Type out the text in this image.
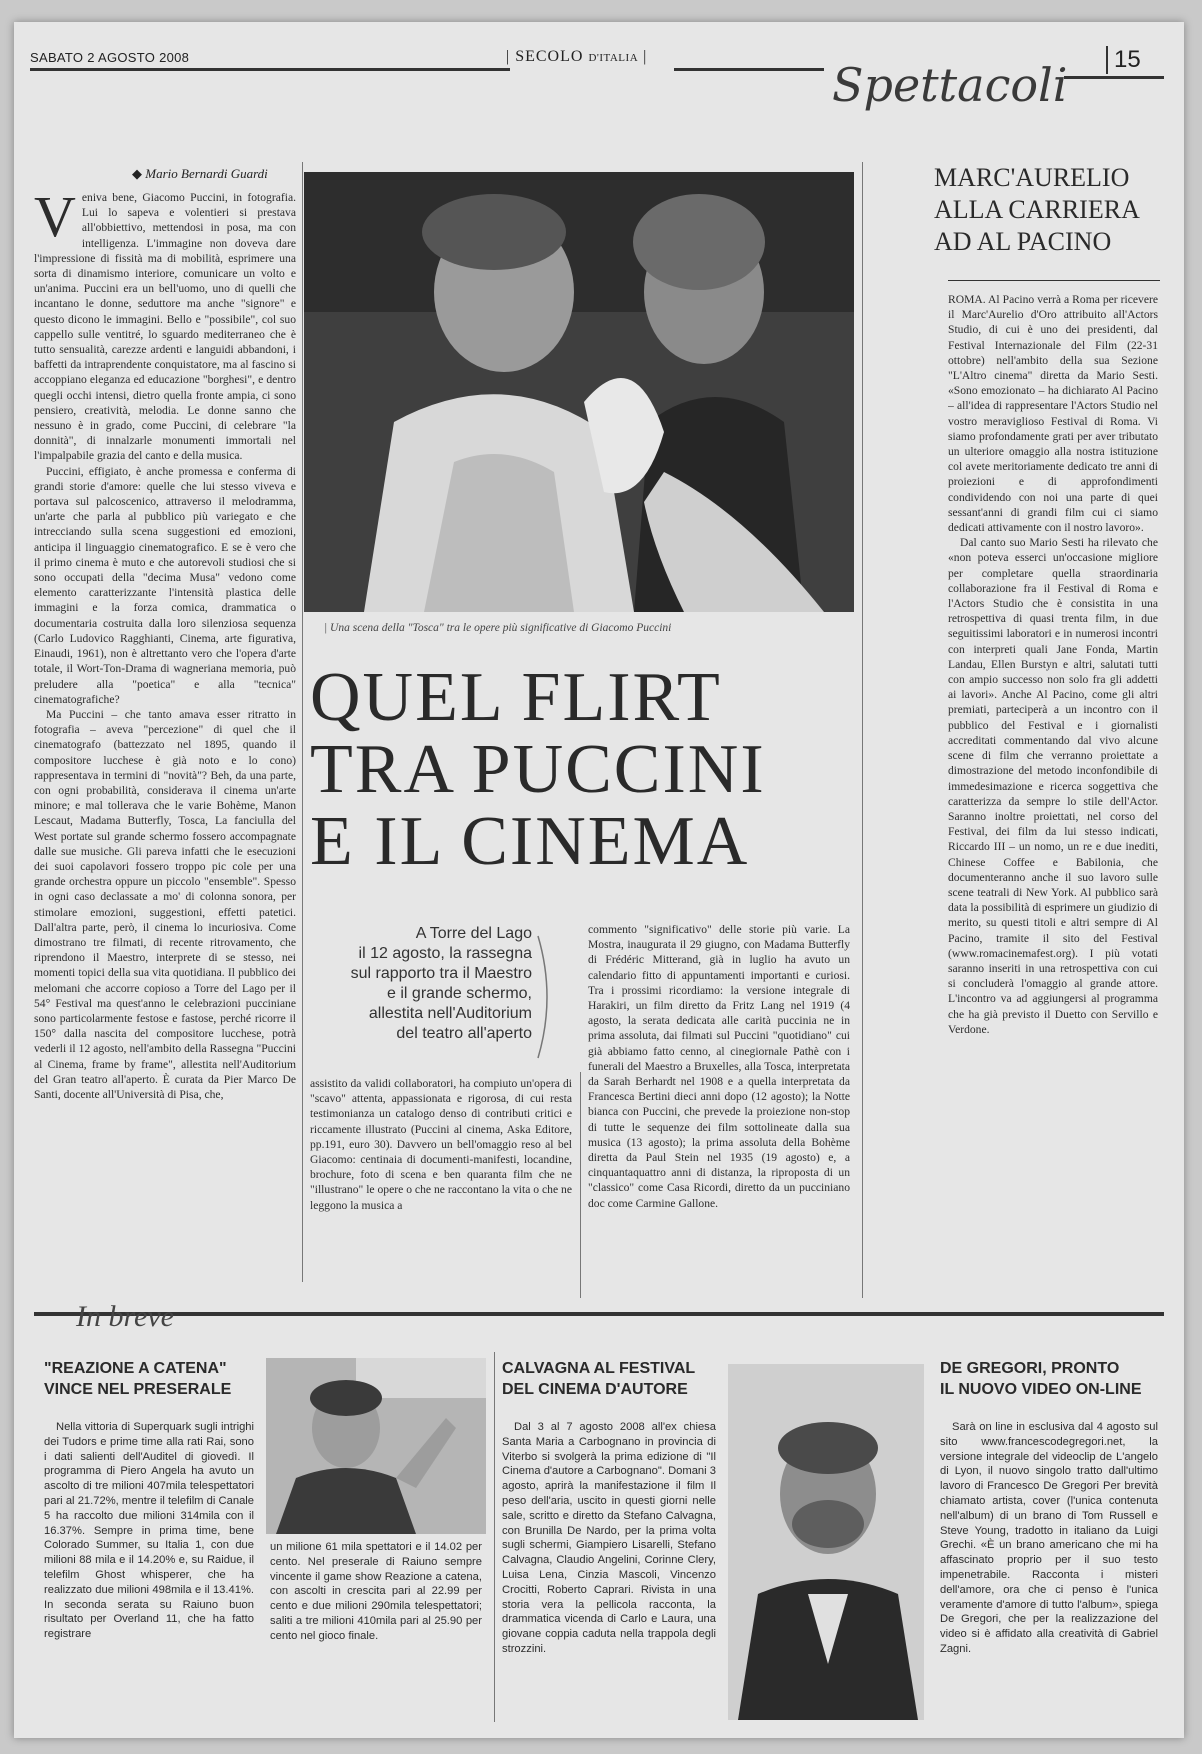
SABATO 2 AGOSTO 2008	| SECOLO D'ITALIA |
Spettacoli	15
◆ Mario Bernardi Guardi

Veniva bene, Giacomo Puccini, in fotografia. Lui lo sapeva e volentieri si prestava all'obbiettivo, mettendosi in posa, ma con intelligenza. L'immagine non doveva dare l'impressione di fissità ma di mobilità, esprimere una sorta di dinamismo interiore, comunicare un volto e un'anima. Puccini era un bell'uomo, uno di quelli che incantano le donne, seduttore ma anche "signore" e questo dicono le immagini. Bello e "possibile", col suo cappello sulle ventitré, lo sguardo mediterraneo che è tutto sensualità, carezze ardenti e languidi abbandoni, i baffetti da intraprendente conquistatore, ma al fascino si accoppiano eleganza ed educazione "borghesi", e dentro quegli occhi intensi, dietro quella fronte ampia, ci sono pensiero, creatività, melodia. Le donne sanno che nessuno è in grado, come Puccini, di celebrare "la donnità", di innalzarle monumenti immortali nel l'impalpabile grazia del canto e della musica.

Puccini, effigiato, è anche promessa e conferma di grandi storie d'amore: quelle che lui stesso viveva e portava sul palcoscenico, attraverso il melodramma, un'arte che parla al pubblico più variegato e che intrecciando sulla scena suggestioni ed emozioni, anticipa il linguaggio cinematografico. E se è vero che il primo cinema è muto e che autorevoli studiosi che si sono occupati della "decima Musa" vedono come elemento caratterizzante l'intensità plastica delle immagini e la forza comica, drammatica o documentaria costruita dalla loro silenziosa sequenza (Carlo Ludovico Ragghianti, Cinema, arte figurativa, Einaudi, 1961), non è altrettanto vero che l'opera d'arte totale, il Wort-Ton-Drama di wagneriana memoria, può preludere alla "poetica" e alla "tecnica" cinematografiche?

Ma Puccini – che tanto amava esser ritratto in fotografia – aveva "percezione" di quel che il cinematografo (battezzato nel 1895, quando il compositore lucchese è già noto e lo cono) rappresentava in termini di "novità"? Beh, da una parte, con ogni probabilità, considerava il cinema un'arte minore; e mal tollerava che le varie Bohème, Manon Lescaut, Madama Butterfly, Tosca, La fanciulla del West portate sul grande schermo fossero accompagnate dalle sue musiche. Gli pareva infatti che le esecuzioni dei suoi capolavori fossero troppo pic cole per una grande orchestra oppure un piccolo "ensemble". Spesso in ogni caso declassate a mo' di colonna sonora, per stimolare emozioni, suggestioni, effetti patetici. Dall'altra parte, però, il cinema lo incuriosiva. Come dimostrano tre filmati, di recente ritrovamento, che riprendono il Maestro, interprete di se stesso, nei momenti topici della sua vita quotidiana. Il pubblico dei melomani che accorre copioso a Torre del Lago per il 54° Festival ma quest'anno le celebrazioni pucciniane sono particolarmente festose e fastose, perché ricorre il 150° dalla nascita del compositore lucchese, potrà vederli il 12 agosto, nell'ambito della Rassegna "Puccini al Cinema, frame by frame", allestita nell'Auditorium del Gran teatro all'aperto. È curata da Pier Marco De Santi, docente all'Università di Pisa, che,

| Una scena della "Tosca" tra le opere più significative di Giacomo Puccini
QUEL FLIRT
TRA PUCCINI
E IL CINEMA
A Torre del Lago
il 12 agosto, la rassegna
sul rapporto tra il Maestro
e il grande schermo,
allestita nell'Auditorium
del teatro all'aperto

assistito da validi collaboratori, ha compiuto un'opera di "scavo" attenta, appassionata e rigorosa, di cui resta testimonianza un catalogo denso di contributi critici e riccamente illustrato (Puccini al cinema, Aska Editore, pp.191, euro 30). Davvero un bell'omaggio reso al bel Giacomo: centinaia di documenti-manifesti, locandine, brochure, foto di scena e ben quaranta film che ne "illustrano" le opere o che ne raccontano la vita o che ne leggono la musica a

commento "significativo" delle storie più varie. La Mostra, inaugurata il 29 giugno, con Madama Butterfly di Frédéric Mitterand, già in luglio ha avuto un calendario fitto di appuntamenti importanti e curiosi. Tra i prossimi ricordiamo: la versione integrale di Harakiri, un film diretto da Fritz Lang nel 1919 (4 agosto, la serata dedicata alle carità puccinia ne in prima assoluta, dai filmati sul Puccini "quotidiano" cui già abbiamo fatto cenno, al cinegiornale Pathè con i funerali del Maestro a Bruxelles, alla Tosca, interpretata da Sarah Berhardt nel 1908 e a quella interpretata da Francesca Bertini dieci anni dopo (12 agosto); la Notte bianca con Puccini, che prevede la proiezione non-stop di tutte le sequenze dei film sottolineate dalla sua musica (13 agosto); la prima assoluta della Bohème diretta da Paul Stein nel 1935 (19 agosto) e, a cinquantaquattro anni di distanza, la riproposta di un "classico" come Casa Ricordi, diretto da un pucciniano doc come Carmine Gallone.

MARC'AURELIO
ALLA CARRIERA
AD AL PACINO

ROMA. Al Pacino verrà a Roma per ricevere il Marc'Aurelio d'Oro attribuito all'Actors Studio, di cui è uno dei presidenti, dal Festival Internazionale del Film (22-31 ottobre) nell'ambito della sua Sezione "L'Altro cinema" diretta da Mario Sesti. «Sono emozionato – ha dichiarato Al Pacino – all'idea di rappresentare l'Actors Studio nel vostro meraviglioso Festival di Roma. Vi siamo profondamente grati per aver tributato un ulteriore omaggio alla nostra istituzione col avete meritoriamente dedicato tre anni di proiezioni e di approfondimenti condividendo con noi una parte di quei sessant'anni di grandi film cui ci siamo dedicati attivamente con il nostro lavoro».

Dal canto suo Mario Sesti ha rilevato che «non poteva esserci un'occasione migliore per completare quella straordinaria collaborazione fra il Festival di Roma e l'Actors Studio che è consistita in una retrospettiva di quasi trenta film, in due seguitissimi laboratori e in numerosi incontri con interpreti quali Jane Fonda, Martin Landau, Ellen Burstyn e altri, salutati tutti con ampio successo non solo fra gli addetti ai lavori». Anche Al Pacino, come gli altri premiati, parteciperà a un incontro con il pubblico del Festival e i giornalisti accreditati commentando dal vivo alcune scene di film che verranno proiettate a dimostrazione del metodo inconfondibile di immedesimazione e ricerca soggettiva che caratterizza da sempre lo stile dell'Actor. Saranno inoltre proiettati, nel corso del Festival, dei film da lui stesso indicati, Riccardo III – un nomo, un re e due inediti, Chinese Coffee e Babilonia, che documenteranno anche il suo lavoro sulle scene teatrali di New York. Al pubblico sarà data la possibilità di esprimere un giudizio di merito, su questi titoli e altri sempre di Al Pacino, tramite il sito del Festival (www.romacinemafest.org). I più votati saranno inseriti in una retrospettiva con cui si concluderà l'omaggio al grande attore. L'incontro va ad aggiungersi al programma che ha già previsto il Duetto con Servillo e Verdone.

In breve
"REAZIONE A CATENA"
VINCE NEL PRESERALE

Nella vittoria di Superquark sugli intrighi dei Tudors e prime time alla rati Rai, sono i dati salienti dell'Auditel di giovedì. Il programma di Piero Angela ha avuto un ascolto di tre milioni 407mila telespettatori pari al 21.72%, mentre il telefilm di Canale 5 ha raccolto due milioni 314mila con il 16.37%. Sempre in prima time, bene Colorado Summer, su Italia 1, con due milioni 88 mila e il 14.20% e, su Raidue, il telefilm Ghost whisperer, che ha realizzato due milioni 498mila e il 13.41%. In seconda serata su Raiuno buon risultato per Overland 11, che ha fatto registrare

un milione 61 mila spettatori e il 14.02 per cento. Nel preserale di Raiuno sempre vincente il game show Reazione a catena, con ascolti in crescita pari al 22.99 per cento e due milioni 290mila telespettatori; saliti a tre milioni 410mila pari al 25.90 per cento nel gioco finale.

CALVAGNA AL FESTIVAL
DEL CINEMA D'AUTORE

Dal 3 al 7 agosto 2008 all'ex chiesa Santa Maria a Carbognano in provincia di Viterbo si svolgerà la prima edizione di "Il Cinema d'autore a Carbognano". Domani 3 agosto, aprirà la manifestazione il film Il peso dell'aria, uscito in questi giorni nelle sale, scritto e diretto da Stefano Calvagna, con Brunilla De Nardo, per la prima volta sugli schermi, Giampiero Lisarelli, Stefano Calvagna, Claudio Angelini, Corinne Clery, Luisa Lena, Cinzia Mascoli, Vincenzo Crocitti, Roberto Caprari. Rivista in una storia vera la pellicola racconta, la drammatica vicenda di Carlo e Laura, una giovane coppia caduta nella trappola degli strozzini.

DE GREGORI, PRONTO
IL NUOVO VIDEO ON-LINE

Sarà on line in esclusiva dal 4 agosto sul sito www.francescodegregori.net, la versione integrale del videoclip de L'angelo di Lyon, il nuovo singolo tratto dall'ultimo lavoro di Francesco De Gregori Per brevità chiamato artista, cover (l'unica contenuta nell'album) di un brano di Tom Russell e Steve Young, tradotto in italiano da Luigi Grechi. «È un brano americano che mi ha affascinato proprio per il suo testo impenetrabile. Racconta i misteri dell'amore, ora che ci penso è l'unica veramente d'amore di tutto l'album», spiega De Gregori, che per la realizzazione del video si è affidato alla creatività di Gabriel Zagni.
